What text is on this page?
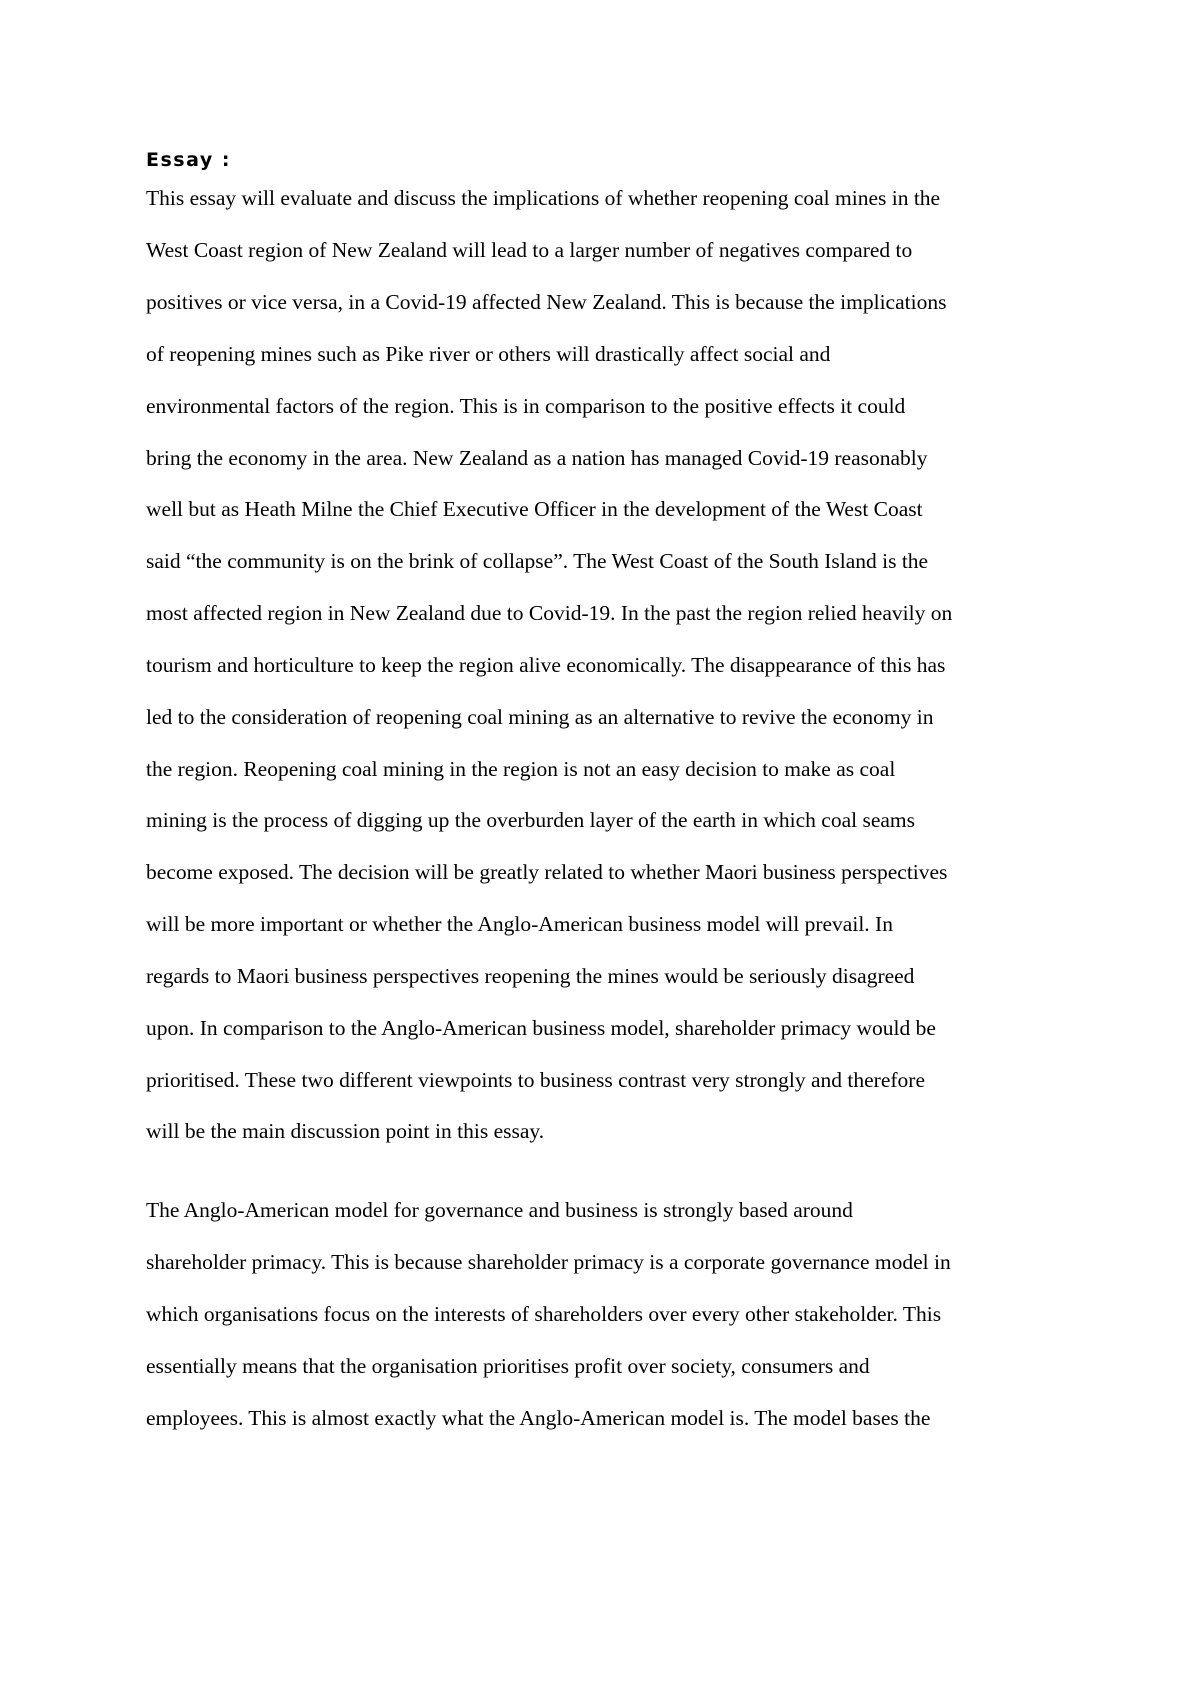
Essay :

This essay will evaluate and discuss the implications of whether reopening coal mines in the

West Coast region of New Zealand will lead to a larger number of negatives compared to

positives or vice versa, in a Covid-19 affected New Zealand. This is because the implications

of reopening mines such as Pike river or others will drastically affect social and

environmental factors of the region. This is in comparison to the positive effects it could

bring the economy in the area. New Zealand as a nation has managed Covid-19 reasonably

well but as Heath Milne the Chief Executive Officer in the development of the West Coast

said “the community is on the brink of collapse”. The West Coast of the South Island is the

most affected region in New Zealand due to Covid-19. In the past the region relied heavily on

tourism and horticulture to keep the region alive economically. The disappearance of this has

led to the consideration of reopening coal mining as an alternative to revive the economy in

the region. Reopening coal mining in the region is not an easy decision to make as coal

mining is the process of digging up the overburden layer of the earth in which coal seams

become exposed. The decision will be greatly related to whether Maori business perspectives

will be more important or whether the Anglo-American business model will prevail. In

regards to Maori business perspectives reopening the mines would be seriously disagreed

upon. In comparison to the Anglo-American business model, shareholder primacy would be

prioritised. These two different viewpoints to business contrast very strongly and therefore

will be the main discussion point in this essay.

The Anglo-American model for governance and business is strongly based around

shareholder primacy. This is because shareholder primacy is a corporate governance model in

which organisations focus on the interests of shareholders over every other stakeholder. This

essentially means that the organisation prioritises profit over society, consumers and

employees. This is almost exactly what the Anglo-American model is. The model bases the
